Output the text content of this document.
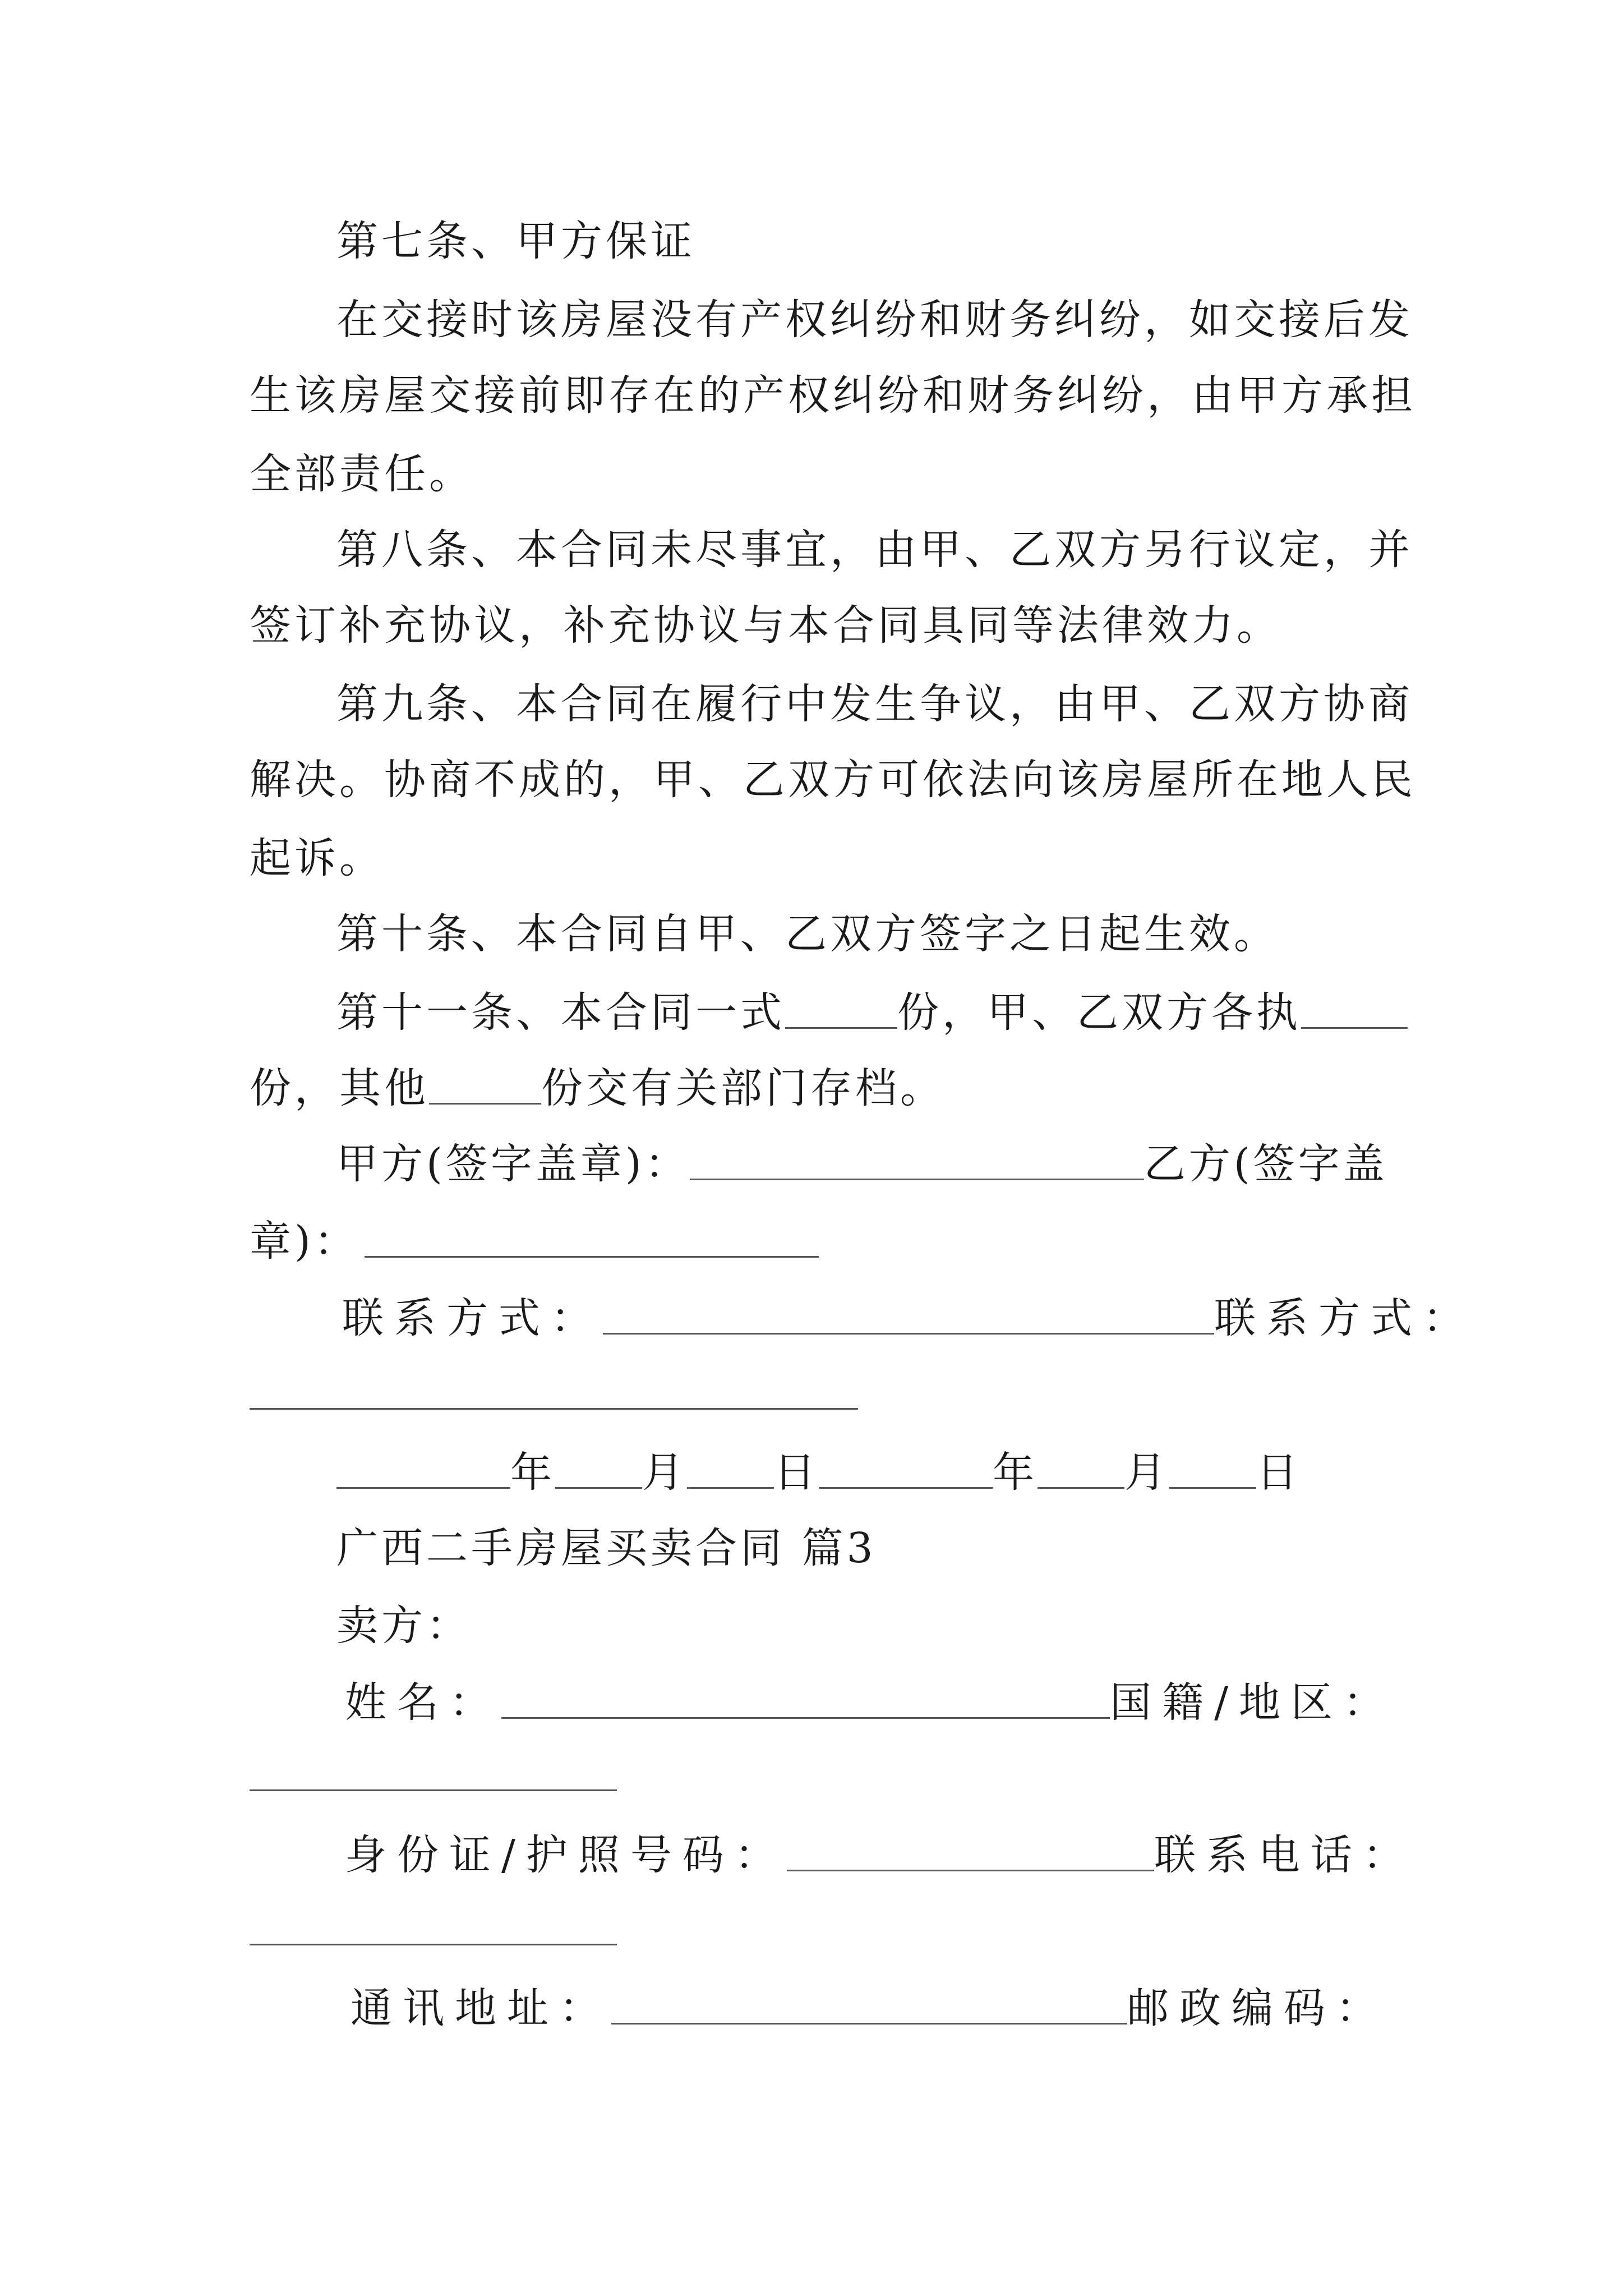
第七条、甲方保证
在交接时该房屋没有产权纠纷和财务纠纷，如交接后发
生该房屋交接前即存在的产权纠纷和财务纠纷，由甲方承担
全部责任。
第八条、本合同未尽事宜，由甲、乙双方另行议定，并
签订补充协议，补充协议与本合同具同等法律效力。
第九条、本合同在履行中发生争议，由甲、乙双方协商
解决。协商不成的，甲、乙双方可依法向该房屋所在地人民
起诉。
第十条、本合同自甲、乙双方签字之日起生效。
第十一条、本合同一式	份，甲、乙双方各执
份，其他	份交有关部门存档。
甲方(签字盖章)：	乙方(签字盖
章)：
联系方式：	联系方式：
年 月 日	年 月 日
广西二手房屋买卖合同 篇3
卖方：
姓名：	国籍/地区：
身份证/护照号码：	联系电话：
通讯地址：	邮政编码：
